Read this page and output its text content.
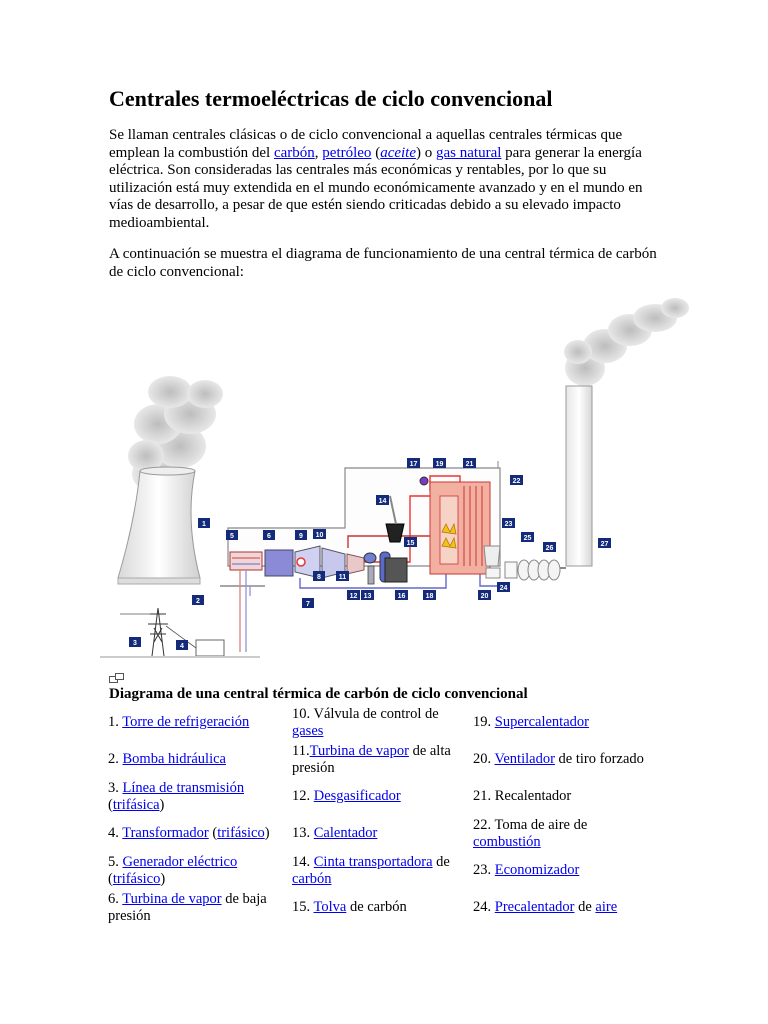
Centrales termoeléctricas de ciclo convencional

Se llaman centrales clásicas o de ciclo convencional a aquellas centrales térmicas que emplean la combustión del carbón, petróleo (aceite) o gas natural para generar la energía eléctrica. Son consideradas las centrales más económicas y rentables, por lo que su utilización está muy extendida en el mundo económicamente avanzado y en el mundo en vías de desarrollo, a pesar de que estén siendo criticadas debido a su elevado impacto medioambiental.

A continuación se muestra el diagrama de funcionamiento de una central térmica de carbón de ciclo convencional:

1
2
3	4
5	6
7
8
9 10
11
12 13
14
15
16
17
18
19
20
21
22
23
24
25
26
27
Diagrama de una central térmica de carbón de ciclo convencional
1. Torre de refrigeración	10. Válvula de control de gases	19. Supercalentador
2. Bomba hidráulica	11.Turbina de vapor de alta presión	20. Ventilador de tiro forzado
3. Línea de transmisión (trifásica)	12. Desgasificador	21. Recalentador
4. Transformador (trifásico)	13. Calentador	22. Toma de aire de combustión
5. Generador eléctrico (trifásico)	14. Cinta transportadora de carbón	23. Economizador
6. Turbina de vapor de baja presión	15. Tolva de carbón	24. Precalentador de aire
